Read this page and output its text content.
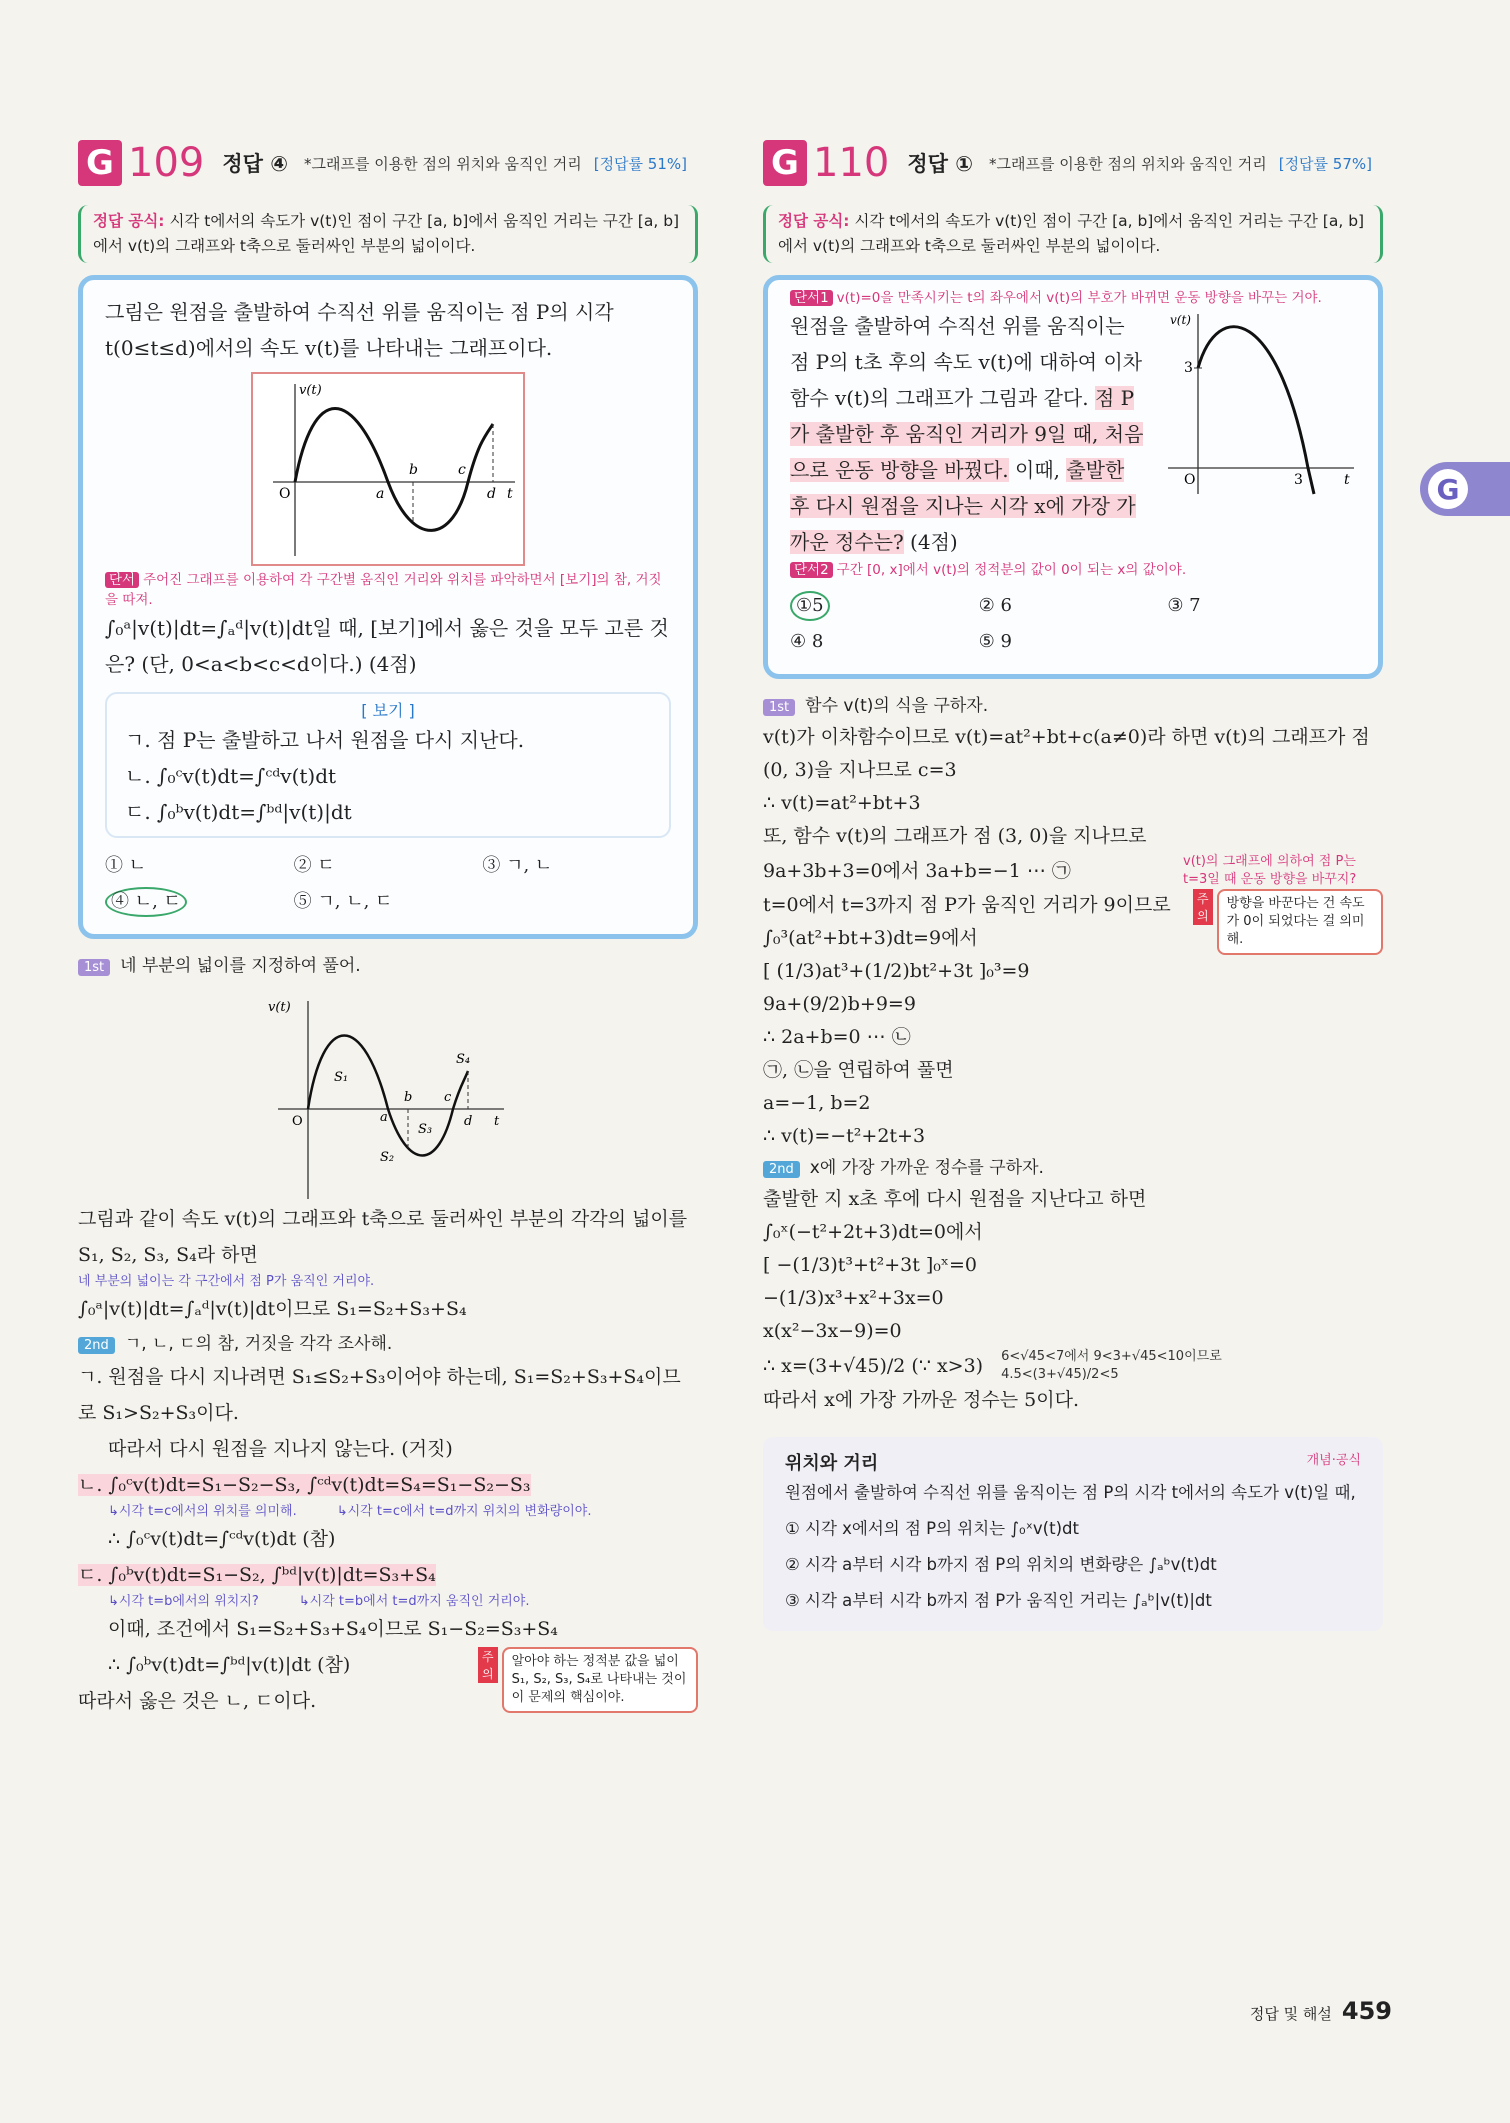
G 109 정답 ④ *그래프를 이용한 점의 위치와 움직인 거리 [정답률 51%]
정답 공식: 시각 t에서의 속도가 v(t)인 점이 구간 [a, b]에서 움직인 거리는 구간 [a, b]에서 v(t)의 그래프와 t축으로 둘러싸인 부분의 넓이이다.
그림은 원점을 출발하여 수직선 위를 움직이는 점 P의 시각 t(0≤t≤d)에서의 속도 v(t)를 나타내는 그래프이다.
v(t)
O	a
b	c
d t
단서 주어진 그래프를 이용하여 각 구간별 움직인 거리와 위치를 파악하면서 [보기]의 참, 거짓을 따져.
∫₀ᵃ|v(t)|dt=∫ₐᵈ|v(t)|dt일 때, [보기]에서 옳은 것을 모두 고른 것은? (단, 0<a<b<c<d이다.) (4점)
[ 보기 ]
ㄱ. 점 P는 출발하고 나서 원점을 다시 지난다.
ㄴ. ∫₀ᶜv(t)dt=∫ᶜᵈv(t)dt
ㄷ. ∫₀ᵇv(t)dt=∫ᵇᵈ|v(t)|dt
① ㄴ	② ㄷ	③ ㄱ, ㄴ
④ ㄴ, ㄷ	⑤ ㄱ, ㄴ, ㄷ
1st 네 부분의 넓이를 지정하여 풀어.
v(t)
O
S₁
S₂
S₃
S₄
a
b c
d t
그림과 같이 속도 v(t)의 그래프와 t축으로 둘러싸인 부분의 각각의 넓이를 S₁, S₂, S₃, S₄라 하면
네 부분의 넓이는 각 구간에서 점 P가 움직인 거리야.
∫₀ᵃ|v(t)|dt=∫ₐᵈ|v(t)|dt이므로 S₁=S₂+S₃+S₄
2nd ㄱ, ㄴ, ㄷ의 참, 거짓을 각각 조사해.
ㄱ. 원점을 다시 지나려면 S₁≤S₂+S₃이어야 하는데, S₁=S₂+S₃+S₄이므로 S₁>S₂+S₃이다.
따라서 다시 원점을 지나지 않는다. (거짓)
ㄴ. ∫₀ᶜv(t)dt=S₁−S₂−S₃, ∫ᶜᵈv(t)dt=S₄=S₁−S₂−S₃
↳시각 t=c에서의 위치를 의미해.	↳시각 t=c에서 t=d까지 위치의 변화량이야.
∴ ∫₀ᶜv(t)dt=∫ᶜᵈv(t)dt (참)
ㄷ. ∫₀ᵇv(t)dt=S₁−S₂, ∫ᵇᵈ|v(t)|dt=S₃+S₄
↳시각 t=b에서의 위치지?	↳시각 t=b에서 t=d까지 움직인 거리야.
이때, 조건에서 S₁=S₂+S₃+S₄이므로 S₁−S₂=S₃+S₄
∴ ∫₀ᵇv(t)dt=∫ᵇᵈ|v(t)|dt (참)
따라서 옳은 것은 ㄴ, ㄷ이다.
주의
알아야 하는 정적분 값을 넓이 S₁, S₂, S₃, S₄로 나타내는 것이 이 문제의 핵심이야.
G 110 정답 ① *그래프를 이용한 점의 위치와 움직인 거리 [정답률 57%]
정답 공식: 시각 t에서의 속도가 v(t)인 점이 구간 [a, b]에서 움직인 거리는 구간 [a, b]에서 v(t)의 그래프와 t축으로 둘러싸인 부분의 넓이이다.
단서1 v(t)=0을 만족시키는 t의 좌우에서 v(t)의 부호가 바뀌면 운동 방향을 바꾸는 거야.
원점을 출발하여 수직선 위를 움직이는 점 P의 t초 후의 속도 v(t)에 대하여 이차함수 v(t)의 그래프가 그림과 같다. 점 P가 출발한 후 움직인 거리가 9일 때, 처음으로 운동 방향을 바꿨다. 이때, 출발한 후 다시 원점을 지나는 시각 x에 가장 가까운 정수는? (4점)
v(t)
3
O	3	t
단서2 구간 [0, x]에서 v(t)의 정적분의 값이 0이 되는 x의 값이야.
①5	② 6	③ 7
④ 8	⑤ 9
1st 함수 v(t)의 식을 구하자.
v(t)가 이차함수이므로 v(t)=at²+bt+c(a≠0)라 하면 v(t)의 그래프가 점 (0, 3)을 지나므로 c=3
∴ v(t)=at²+bt+3
또, 함수 v(t)의 그래프가 점 (3, 0)을 지나므로
9a+3b+3=0에서 3a+b=−1 ⋯ ㉠	v(t)의 그래프에 의하여 점 P는 t=3일 때 운동 방향을 바꾸지?
t=0에서 t=3까지 점 P가 움직인 거리가 9이므로
∫₀³(at²+bt+3)dt=9에서
주의
방향을 바꾼다는 건 속도가 0이 되었다는 걸 의미해.
[ (1/3)at³+(1/2)bt²+3t ]₀³=9
9a+(9/2)b+9=9
∴ 2a+b=0 ⋯ ㉡
㉠, ㉡을 연립하여 풀면
a=−1, b=2
∴ v(t)=−t²+2t+3
2nd x에 가장 가까운 정수를 구하자.
출발한 지 x초 후에 다시 원점을 지난다고 하면
∫₀ˣ(−t²+2t+3)dt=0에서
[ −(1/3)t³+t²+3t ]₀ˣ=0
−(1/3)x³+x²+3x=0
x(x²−3x−9)=0
∴ x=(3+√45)/2 (∵ x>3) 6<√45<7에서 9<3+√45<10이므로
4.5<(3+√45)/2<5
따라서 x에 가장 가까운 정수는 5이다.
위치와 거리	개념·공식
원점에서 출발하여 수직선 위를 움직이는 점 P의 시각 t에서의 속도가 v(t)일 때,
① 시각 x에서의 점 P의 위치는 ∫₀ˣv(t)dt
② 시각 a부터 시각 b까지 점 P의 위치의 변화량은 ∫ₐᵇv(t)dt
③ 시각 a부터 시각 b까지 점 P가 움직인 거리는 ∫ₐᵇ|v(t)|dt
G
정답 및 해설 459
